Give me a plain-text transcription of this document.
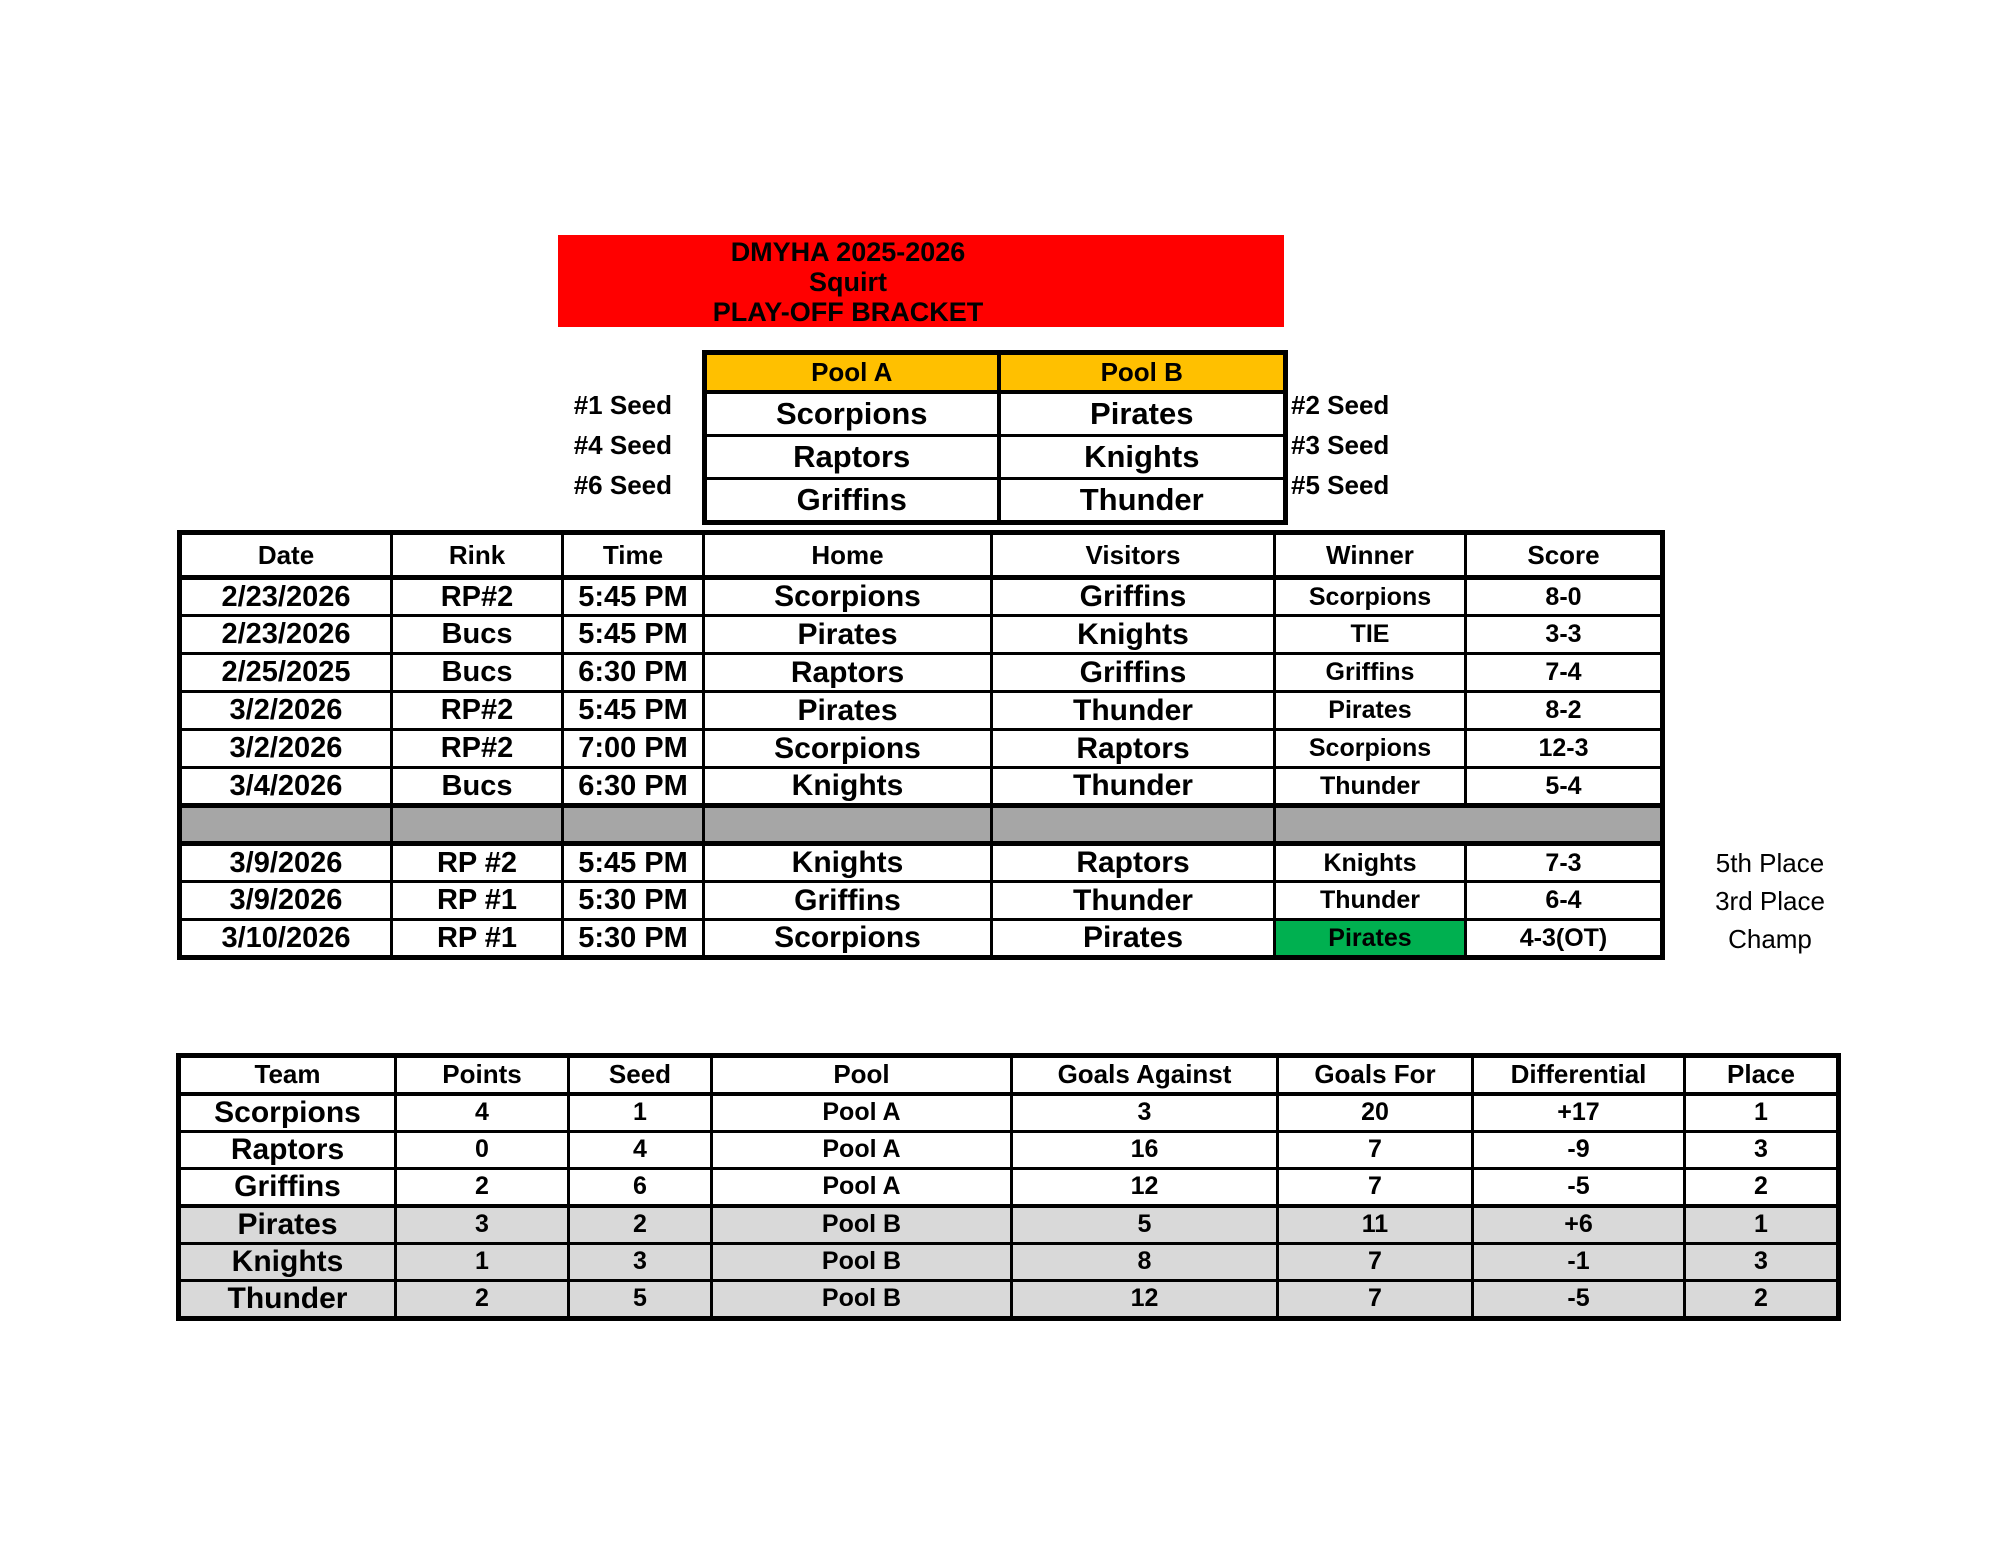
DMYHA 2025-2026
Squirt
PLAY-OFF BRACKET
#1 Seed
#4 Seed
#6 Seed
Pool A	Pool B
Scorpions	Pirates
Raptors	Knights
Griffins	Thunder
#2 Seed
#3 Seed
#5 Seed
Date	Rink	Time	Home	Visitors	Winner	Score
2/23/2026	RP#2	5:45 PM	Scorpions	Griffins	Scorpions	8-0
2/23/2026	Bucs	5:45 PM	Pirates	Knights	TIE	3-3
2/25/2025	Bucs	6:30 PM	Raptors	Griffins	Griffins	7-4
3/2/2026	RP#2	5:45 PM	Pirates	Thunder	Pirates	8-2
3/2/2026	RP#2	7:00 PM	Scorpions	Raptors	Scorpions	12-3
3/4/2026	Bucs	6:30 PM	Knights	Thunder	Thunder	5-4

3/9/2026	RP #2	5:45 PM	Knights	Raptors	Knights	7-3
3/9/2026	RP #1	5:30 PM	Griffins	Thunder	Thunder	6-4
3/10/2026	RP #1	5:30 PM	Scorpions	Pirates	Pirates	4-3(OT)
5th Place
3rd Place
Champ
Team	Points	Seed	Pool	Goals Against	Goals For	Differential	Place
Scorpions	4	1	Pool A	3	20	+17	1
Raptors	0	4	Pool A	16	7	-9	3
Griffins	2	6	Pool A	12	7	-5	2
Pirates	3	2	Pool B	5	11	+6	1
Knights	1	3	Pool B	8	7	-1	3
Thunder	2	5	Pool B	12	7	-5	2
